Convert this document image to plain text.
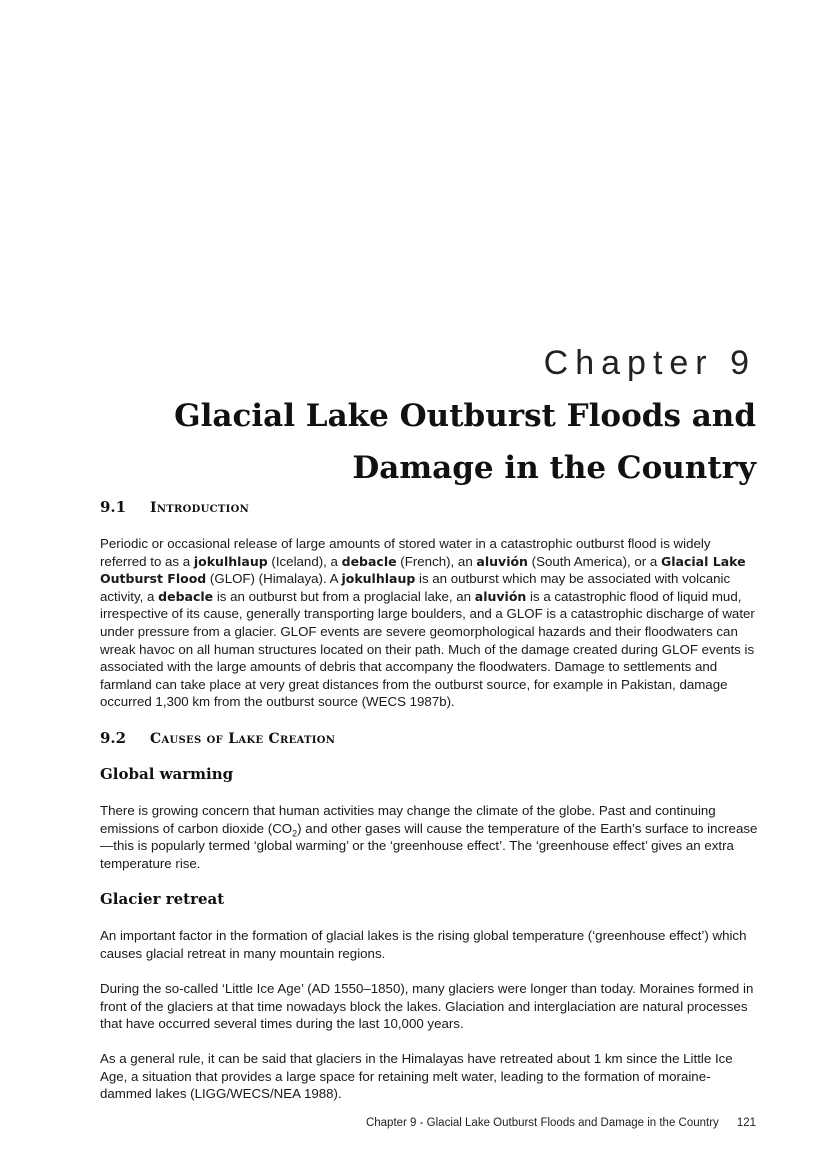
Chapter 9
Glacial Lake Outburst Floods and
Damage in the Country
9.1 Introduction

Periodic or occasional release of large amounts of stored water in a catastrophic outburst flood is widely referred to as a jokulhlaup (Iceland), a debacle (French), an aluvión (South America), or a Glacial Lake Outburst Flood (GLOF) (Himalaya). A jokulhlaup is an outburst which may be associated with volcanic activity, a debacle is an outburst but from a proglacial lake, an aluvión is a catastrophic flood of liquid mud, irrespective of its cause, generally transporting large boulders, and a GLOF is a catastrophic discharge of water under pressure from a glacier. GLOF events are severe geomorphological hazards and their floodwaters can wreak havoc on all human structures located on their path. Much of the damage created during GLOF events is associated with the large amounts of debris that accompany the floodwaters. Damage to settlements and farmland can take place at very great distances from the outburst source, for example in Pakistan, damage occurred 1,300 km from the outburst source (WECS 1987b).

9.2 Causes of Lake Creation
Global warming

There is growing concern that human activities may change the climate of the globe. Past and continuing emissions of carbon dioxide $(CO_2)$ and other gases will cause the temperature of the Earth’s surface to increase—this is popularly termed ‘global warming’ or the ‘greenhouse effect’. The ‘greenhouse effect’ gives an extra temperature rise.

Glacier retreat

An important factor in the formation of glacial lakes is the rising global temperature (‘greenhouse effect’) which causes glacial retreat in many mountain regions.

During the so-called ‘Little Ice Age’ (AD 1550–1850), many glaciers were longer than today. Moraines formed in front of the glaciers at that time nowadays block the lakes. Glaciation and interglaciation are natural processes that have occurred several times during the last 10,000 years.

As a general rule, it can be said that glaciers in the Himalayas have retreated about 1 km since the Little Ice Age, a situation that provides a large space for retaining melt water, leading to the formation of moraine-dammed lakes (LIGG/WECS/NEA 1988).

Chapter 9 - Glacial Lake Outburst Floods and Damage in the Country 121
